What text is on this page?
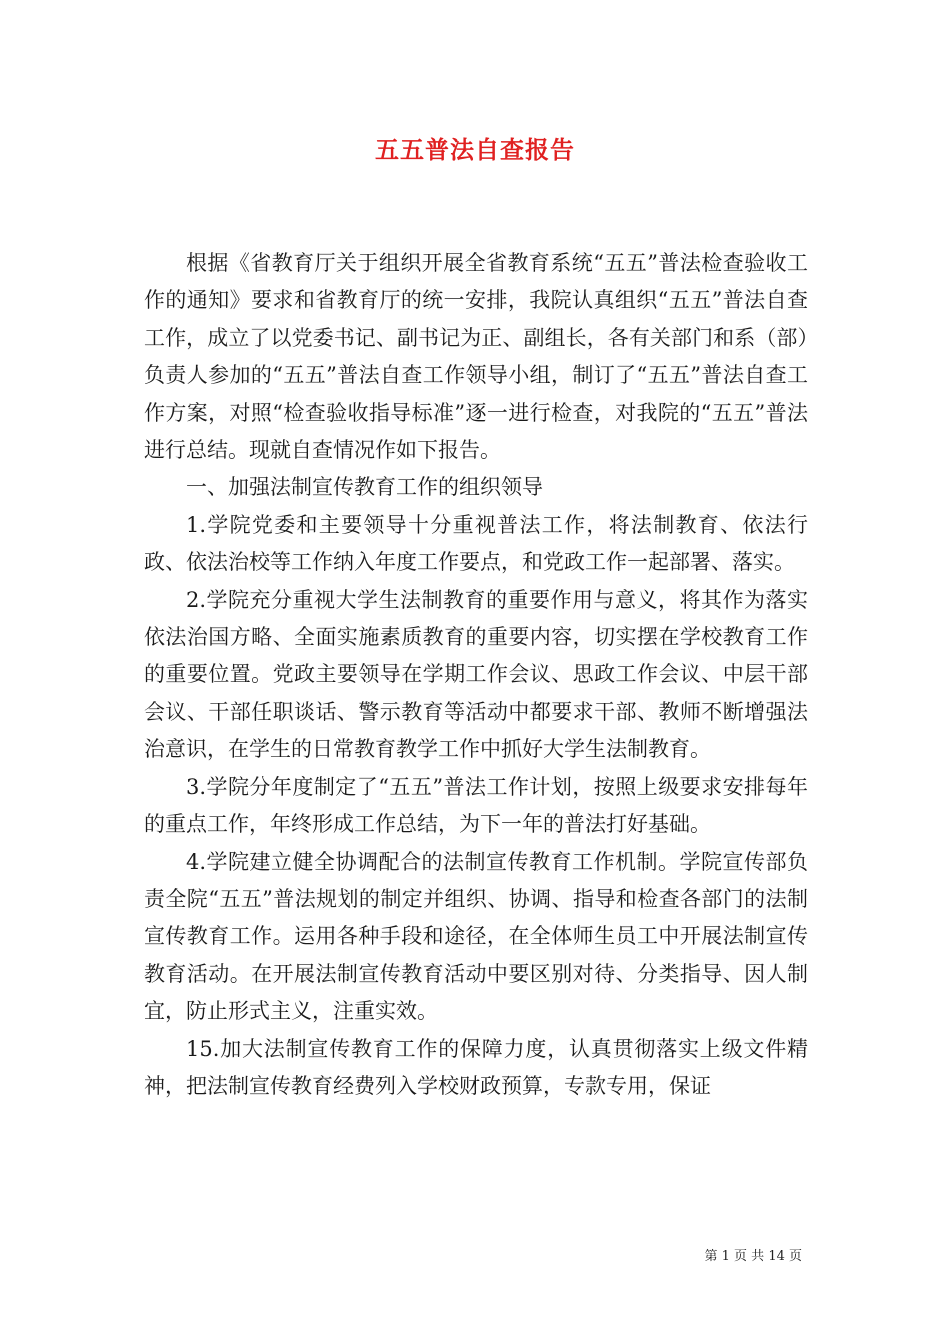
五五普法自查报告

根据《省教育厅关于组织开展全省教育系统“五五”普法检查验收工作的通知》要求和省教育厅的统一安排，我院认真组织“五五”普法自查工作，成立了以党委书记、副书记为正、副组长，各有关部门和系（部）负责人参加的“五五”普法自查工作领导小组，制订了“五五”普法自查工作方案，对照“检查验收指导标准”逐一进行检查，对我院的“五五”普法进行总结。现就自查情况作如下报告。

一、加强法制宣传教育工作的组织领导

1.学院党委和主要领导十分重视普法工作，将法制教育、依法行政、依法治校等工作纳入年度工作要点，和党政工作一起部署、落实。

2.学院充分重视大学生法制教育的重要作用与意义，将其作为落实依法治国方略、全面实施素质教育的重要内容，切实摆在学校教育工作的重要位置。党政主要领导在学期工作会议、思政工作会议、中层干部会议、干部任职谈话、警示教育等活动中都要求干部、教师不断增强法治意识，在学生的日常教育教学工作中抓好大学生法制教育。

3.学院分年度制定了“五五”普法工作计划，按照上级要求安排每年的重点工作，年终形成工作总结，为下一年的普法打好基础。

4.学院建立健全协调配合的法制宣传教育工作机制。学院宣传部负责全院“五五”普法规划的制定并组织、协调、指导和检查各部门的法制宣传教育工作。运用各种手段和途径，在全体师生员工中开展法制宣传教育活动。在开展法制宣传教育活动中要区别对待、分类指导、因人制宜，防止形式主义，注重实效。

15.加大法制宣传教育工作的保障力度，认真贯彻落实上级文件精神，把法制宣传教育经费列入学校财政预算，专款专用，保证

第 1 页 共 14 页
